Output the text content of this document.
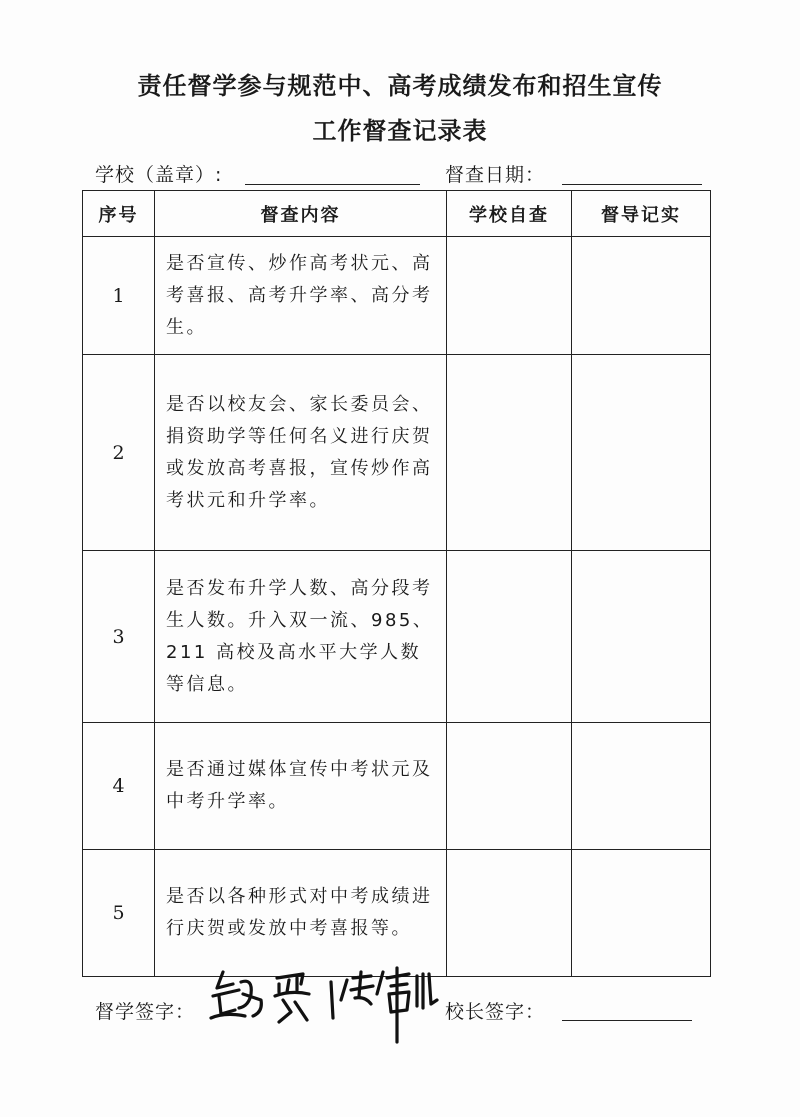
责任督学参与规范中、高考成绩发布和招生宣传
工作督查记录表
学校（盖章）:	督查日期：
序号	督查内容	学校自查	督导记实
1	是否宣传、炒作高考状元、高考喜报、高考升学率、高分考生。		
2	是否以校友会、家长委员会、捐资助学等任何名义进行庆贺或发放高考喜报，宣传炒作高考状元和升学率。		
3	是否发布升学人数、高分段考生人数。升入双一流、985、211 高校及高水平大学人数等信息。		
4	是否通过媒体宣传中考状元及中考升学率。		
5	是否以各种形式对中考成绩进行庆贺或发放中考喜报等。		
督学签字：	校长签字：
